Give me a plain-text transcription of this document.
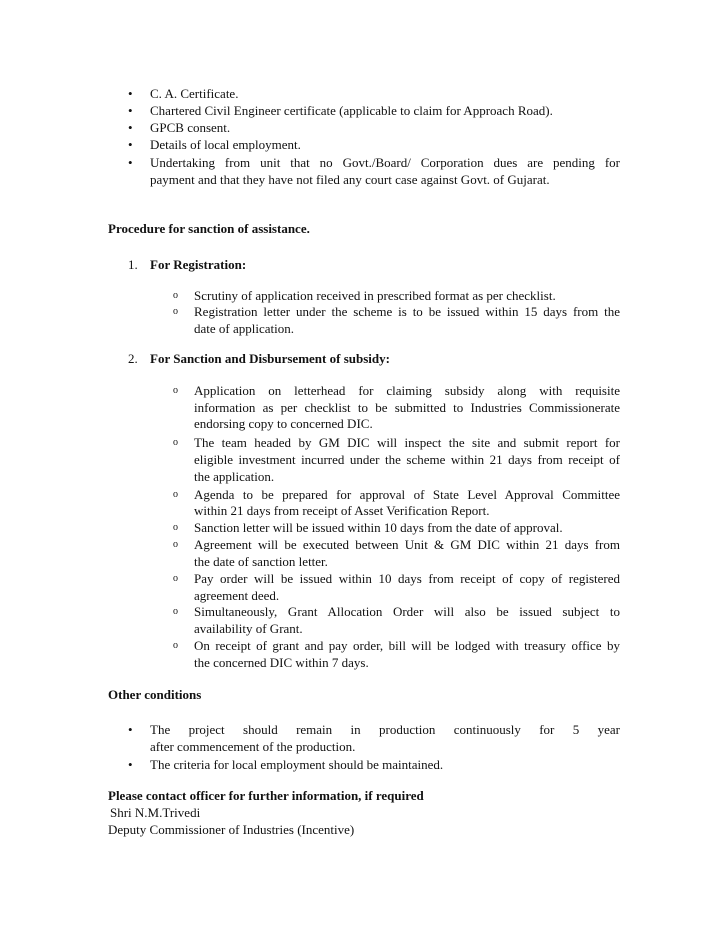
• C. A. Certificate.
• Chartered Civil Engineer certificate (applicable to claim for Approach Road).
• GPCB consent.
• Details of local employment.
• Undertaking from unit that no Govt./Board/ Corporation dues are pending for
payment and that they have not filed any court case against Govt. of Gujarat.
Procedure for sanction of assistance.
1. For Registration:
o Scrutiny of application received in prescribed format as per checklist.
o Registration letter under the scheme is to be issued within 15 days from the
date of application.
2. For Sanction and Disbursement of subsidy:
o Application on letterhead for claiming subsidy along with requisite
information as per checklist to be submitted to Industries Commissionerate
endorsing copy to concerned DIC.
o The team headed by GM DIC will inspect the site and submit report for
eligible investment incurred under the scheme within 21 days from receipt of
the application.
o Agenda to be prepared for approval of State Level Approval Committee
within 21 days from receipt of Asset Verification Report.
o Sanction letter will be issued within 10 days from the date of approval.
o Agreement will be executed between Unit & GM DIC within 21 days from
the date of sanction letter.
o Pay order will be issued within 10 days from receipt of copy of registered
agreement deed.
o Simultaneously, Grant Allocation Order will also be issued subject to
availability of Grant.
o On receipt of grant and pay order, bill will be lodged with treasury office by
the concerned DIC within 7 days.
Other conditions
• The project should remain in production continuously for 5 year
after commencement of the production.
• The criteria for local employment should be maintained.
Please contact officer for further information, if required
Shri N.M.Trivedi
Deputy Commissioner of Industries (Incentive)
